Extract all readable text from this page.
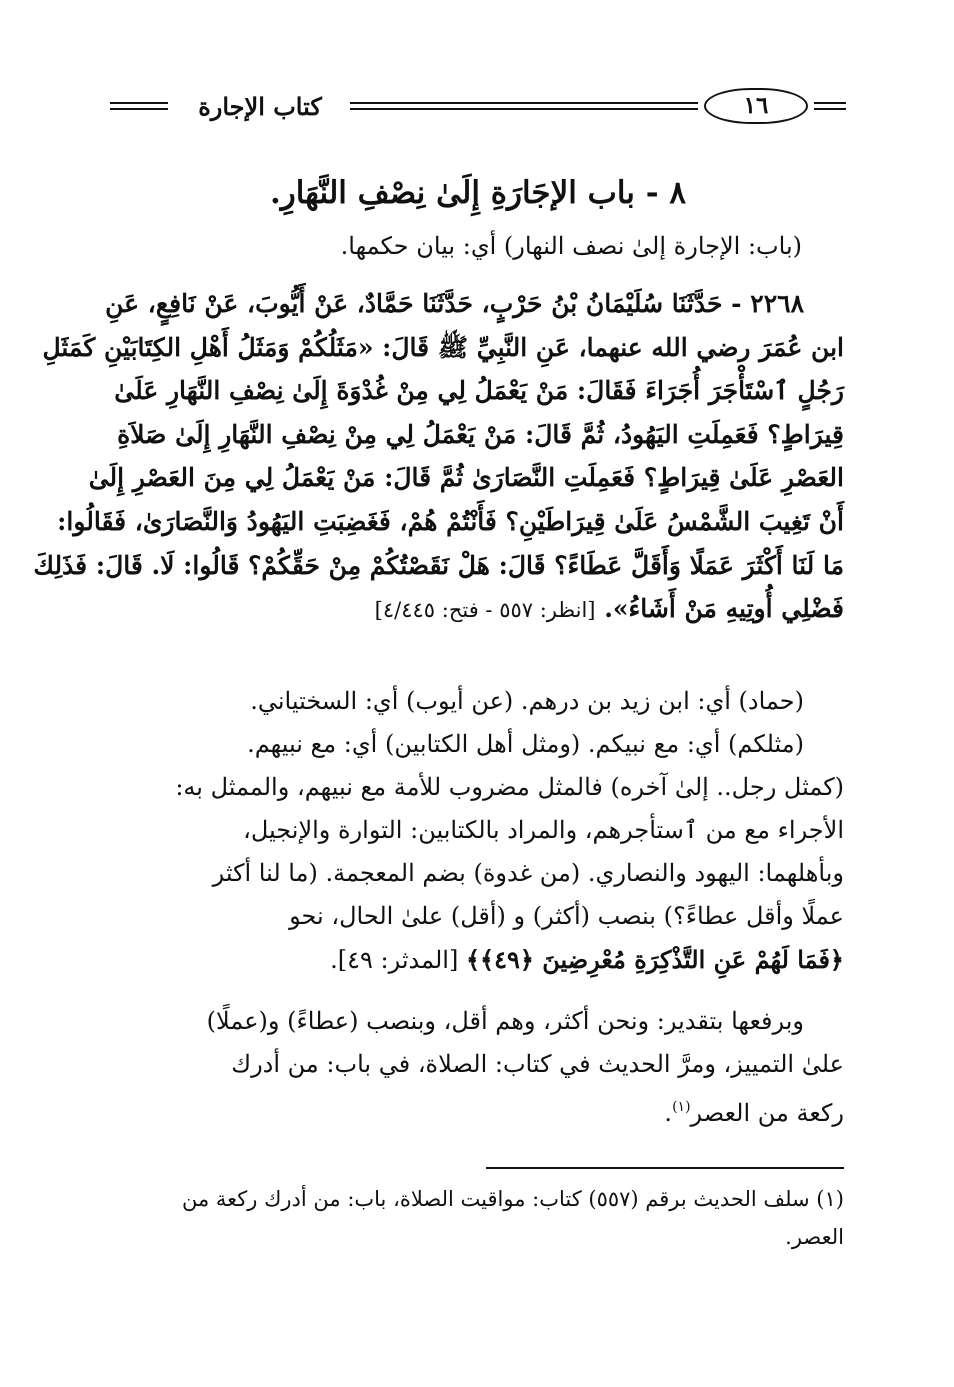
كتاب الإجارة	١٦
٨ - باب الإجَارَةِ إِلَىٰ نِصْفِ النَّهَارِ.
(باب: الإجارة إلىٰ نصف النهار) أي: بيان حكمها.
٢٢٦٨ - حَدَّثَنَا سُلَيْمَانُ بْنُ حَرْبٍ، حَدَّثَنَا حَمَّادٌ، عَنْ أَيُّوبَ، عَنْ نَافِعٍ، عَنِ
ابن عُمَرَ رضي الله عنهما، عَنِ النَّبِيِّ ﷺ قَالَ: «مَثَلُكُمْ وَمَثَلُ أَهْلِ الكِتَابَيْنِ كَمَثَلِ
رَجُلٍ ٱسْتَأْجَرَ أُجَرَاءَ فَقَالَ: مَنْ يَعْمَلُ لِي مِنْ غُدْوَةَ إِلَىٰ نِصْفِ النَّهَارِ عَلَىٰ
قِيرَاطٍ؟ فَعَمِلَتِ اليَهُودُ، ثُمَّ قَالَ: مَنْ يَعْمَلُ لِي مِنْ نِصْفِ النَّهَارِ إِلَىٰ صَلاَةِ
العَصْرِ عَلَىٰ قِيرَاطٍ؟ فَعَمِلَتِ النَّصَارَىٰ ثُمَّ قَالَ: مَنْ يَعْمَلُ لِي مِنَ العَصْرِ إِلَىٰ
أَنْ تَغِيبَ الشَّمْسُ عَلَىٰ قِيرَاطَيْنِ؟ فَأَنْتُمْ هُمْ، فَغَضِبَتِ اليَهُودُ وَالنَّصَارَىٰ، فَقَالُوا:
مَا لَنَا أَكْثَرَ عَمَلًا وَأَقَلَّ عَطَاءً؟ قَالَ: هَلْ نَقَصْتُكُمْ مِنْ حَقِّكُمْ؟ قَالُوا: لَا. قَالَ: فَذَلِكَ
فَضْلِي أُوتِيهِ مَنْ أَشَاءُ». [انظر: ٥٥٧ - فتح: ٤/٤٤٥]
(حماد) أي: ابن زيد بن درهم. (عن أيوب) أي: السختياني.
(مثلكم) أي: مع نبيكم. (ومثل أهل الكتابين) أي: مع نبيهم.
(كمثل رجل.. إلىٰ آخره) فالمثل مضروب للأمة مع نبيهم، والممثل به:
الأجراء مع من ٱستأجرهم، والمراد بالكتابين: التوارة والإنجيل،
وبأهلهما: اليهود والنصاري. (من غدوة) بضم المعجمة. (ما لنا أكثر
عملًا وأقل عطاءً؟) بنصب (أكثر) و (أقل) علىٰ الحال، نحو
﴿فَمَا لَهُمْ عَنِ التَّذْكِرَةِ مُعْرِضِينَ ﴿٤٩﴾﴾ [المدثر: ٤٩].
وبرفعها بتقدير: ونحن أكثر، وهم أقل، وبنصب (عطاءً) و(عملًا)
علىٰ التمييز، ومرَّ الحديث في كتاب: الصلاة، في باب: من أدرك
ركعة من العصر$^{(١)}$.
(١) سلف الحديث برقم (٥٥٧) كتاب: مواقيت الصلاة، باب: من أدرك ركعة من
العصر.
